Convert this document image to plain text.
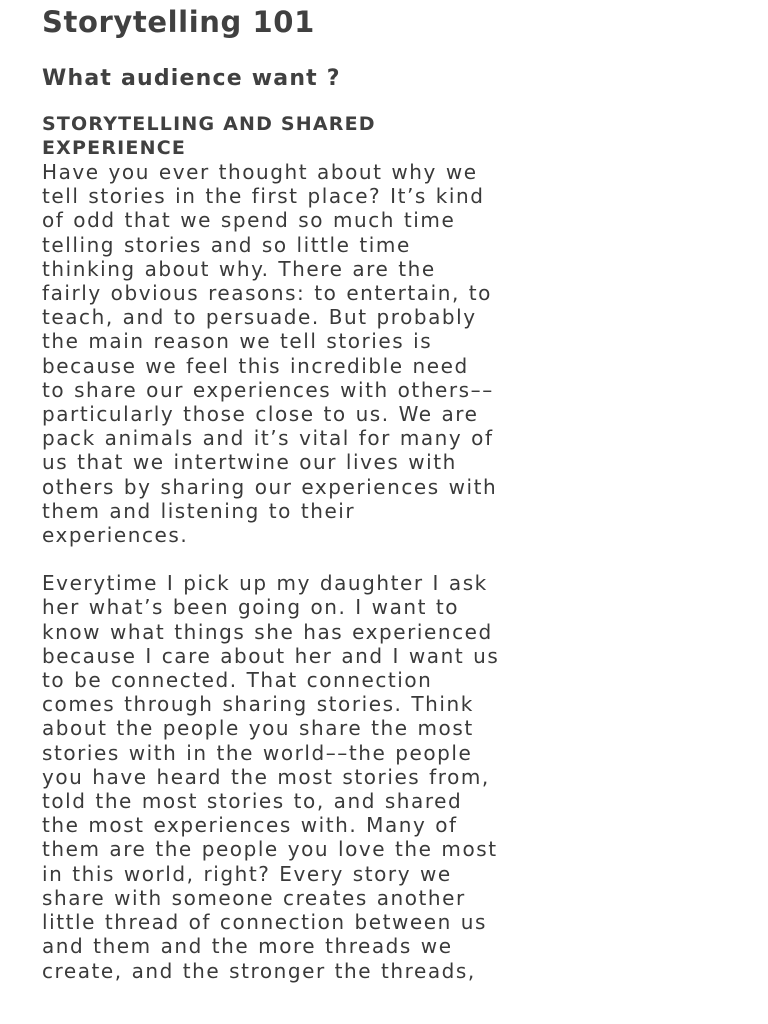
Storytelling 101
What audience want ?
STORYTELLING AND SHARED
EXPERIENCE

Have you ever thought about why we
tell stories in the first place? It’s kind
of odd that we spend so much time
telling stories and so little time
thinking about why. There are the
fairly obvious reasons: to entertain, to
teach, and to persuade. But probably
the main reason we tell stories is
because we feel this incredible need
to share our experiences with others––
particularly those close to us. We are
pack animals and it’s vital for many of
us that we intertwine our lives with
others by sharing our experiences with
them and listening to their
experiences.

Everytime I pick up my daughter I ask
her what’s been going on. I want to
know what things she has experienced
because I care about her and I want us
to be connected. That connection
comes through sharing stories. Think
about the people you share the most
stories with in the world––the people
you have heard the most stories from,
told the most stories to, and shared
the most experiences with. Many of
them are the people you love the most
in this world, right? Every story we
share with someone creates another
little thread of connection between us
and them and the more threads we
create, and the stronger the threads,
